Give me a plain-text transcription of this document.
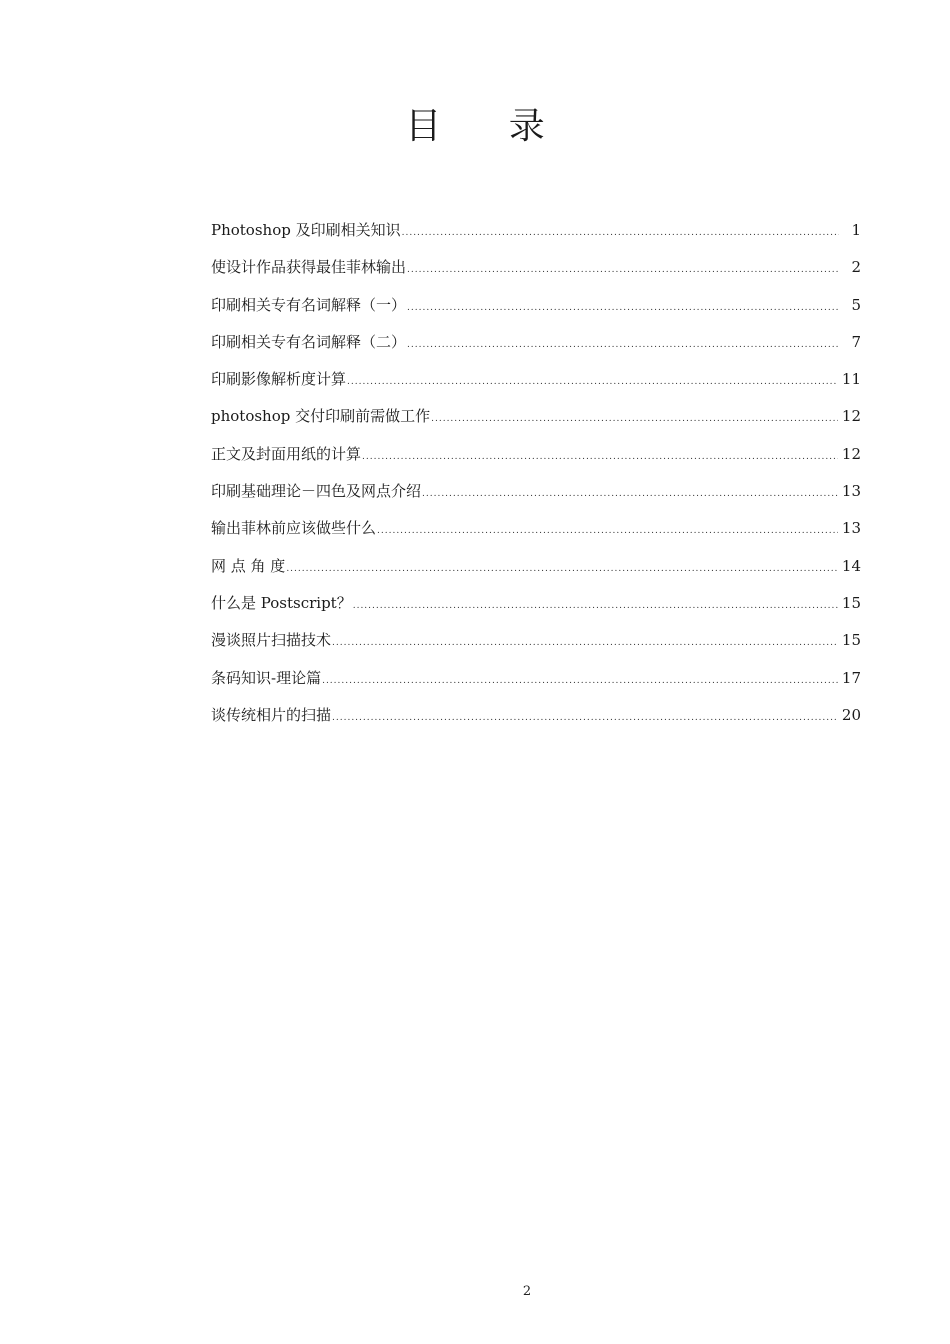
目 录
Photoshop 及印刷相关知识 .....	1
使设计作品获得最佳菲林输出 .....	2
印刷相关专有名词解释（一） .....	5
印刷相关专有名词解释（二） .....	7
印刷影像解析度计算 .....	11
photoshop 交付印刷前需做工作 .....	12
正文及封面用纸的计算 .....	12
印刷基础理论－四色及网点介绍 .....	13
输出菲林前应该做些什么 .....	13
网 点 角 度 .....	14
什么是 Postscript？ .....	15
漫谈照片扫描技术 .....	15
条码知识-理论篇 .....	17
谈传统相片的扫描 .....	20
2
